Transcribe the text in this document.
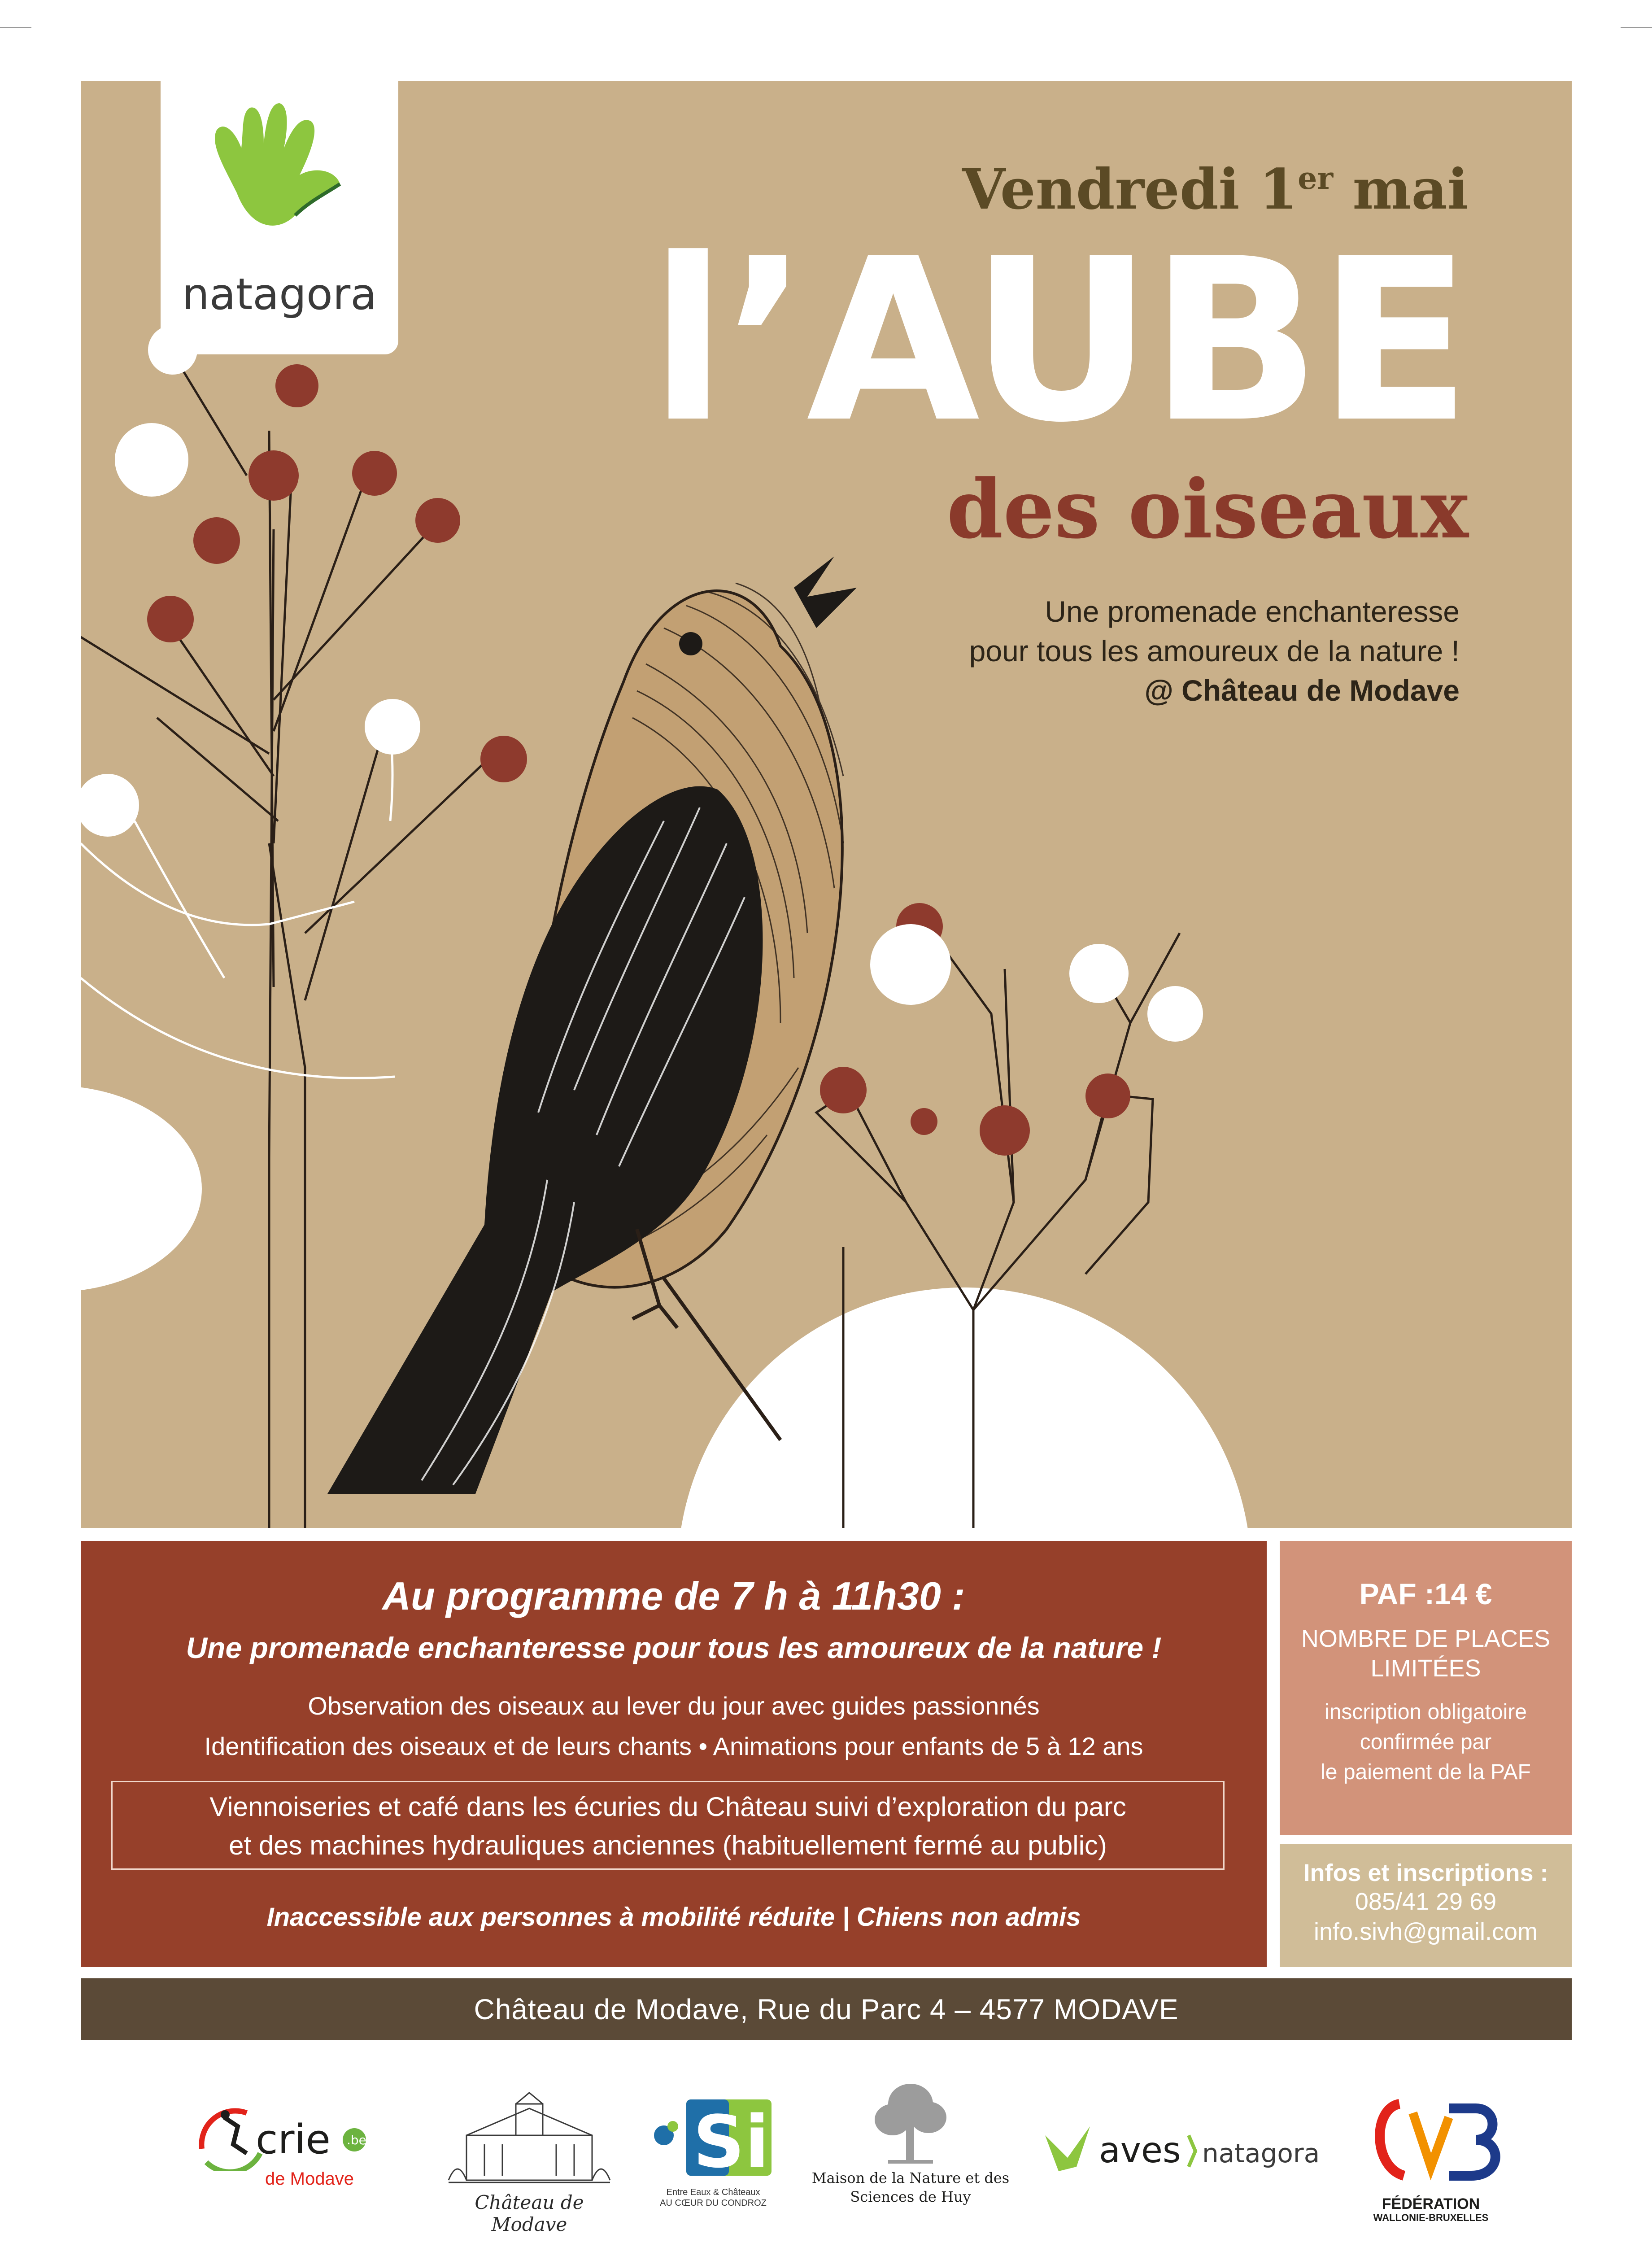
natagora
Vendredi 1er mai
l’AUBE
des oiseaux
Une promenade enchanteresse
pour tous les amoureux de la nature !
@ Château de Modave
Au programme de 7 h à 11h30 :
Une promenade enchanteresse pour tous les amoureux de la nature !
Observation des oiseaux au lever du jour avec guides passionnés
Identification des oiseaux et de leurs chants • Animations pour enfants de 5 à 12 ans
Viennoiseries et café dans les écuries du Château suivi d’exploration du parc
et des machines hydrauliques anciennes (habituellement fermé au public)
Inaccessible aux personnes à mobilité réduite | Chiens non admis
PAF :14 €
NOMBRE DE PLACES
LIMITÉES
inscription obligatoire
confirmée par
le paiement de la PAF
Infos et inscriptions :
085/41 29 69
info.sivh@gmail.com
Château de Modave, Rue du Parc 4 – 4577 MODAVE
crie .be
de Modave
Château de Modave
Si
Entre Eaux & Châteaux
AU CŒUR DU CONDROZ
Maison de la Nature et des
Sciences de Huy
aves natagora
FÉDÉRATION
WALLONIE-BRUXELLES
